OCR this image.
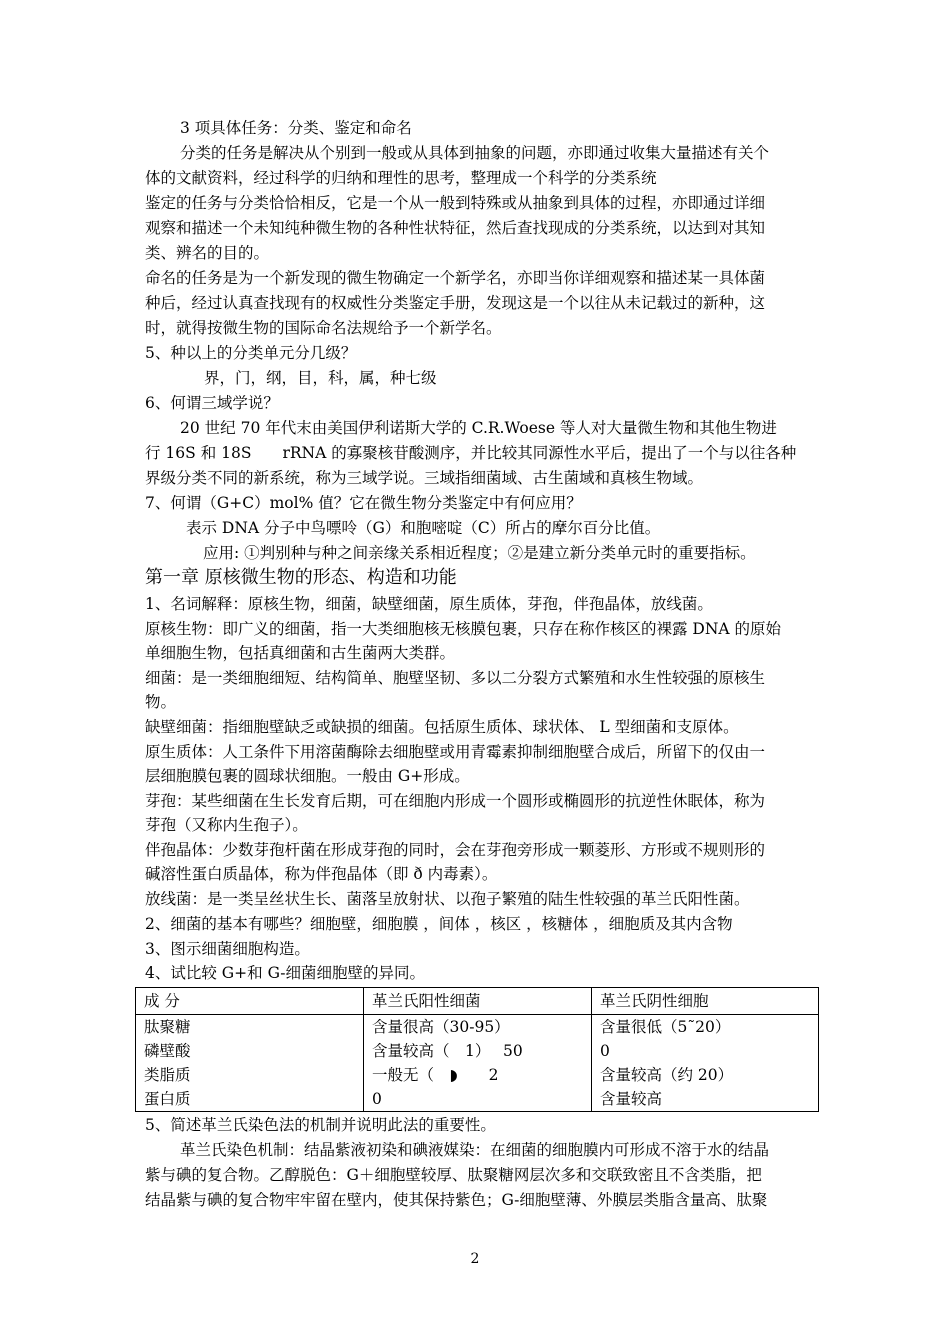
3 项具体任务：分类、鉴定和命名
分类的任务是解决从个别到一般或从具体到抽象的问题，亦即通过收集大量描述有关个
体的文献资料，经过科学的归纳和理性的思考，整理成一个科学的分类系统
鉴定的任务与分类恰恰相反，它是一个从一般到特殊或从抽象到具体的过程，亦即通过详细
观察和描述一个未知纯种微生物的各种性状特征，然后查找现成的分类系统，以达到对其知
类、辨名的目的。
命名的任务是为一个新发现的微生物确定一个新学名，亦即当你详细观察和描述某一具体菌
种后，经过认真查找现有的权威性分类鉴定手册，发现这是一个以往从未记载过的新种，这
时，就得按微生物的国际命名法规给予一个新学名。
5、种以上的分类单元分几级？
界，门，纲，目，科，属，种七级
6、何谓三域学说？
20 世纪 70 年代末由美国伊利诺斯大学的 C.R.Woese 等人对大量微生物和其他生物进
行 16S 和 18S　　rRNA 的寡聚核苷酸测序，并比较其同源性水平后，提出了一个与以往各种
界级分类不同的新系统，称为三域学说。三域指细菌域、古生菌域和真核生物域。
7、何谓（G+C）mol% 值？它在微生物分类鉴定中有何应用？
表示 DNA 分子中鸟嘌呤（G）和胞嘧啶（C）所占的摩尔百分比值。
应用: ①判别种与种之间亲缘关系相近程度；②是建立新分类单元时的重要指标。
第一章 原核微生物的形态、构造和功能
1、名词解释：原核生物，细菌，缺壁细菌，原生质体，芽孢，伴孢晶体，放线菌。
原核生物：即广义的细菌，指一大类细胞核无核膜包裹，只存在称作核区的裸露 DNA 的原始
单细胞生物，包括真细菌和古生菌两大类群。
细菌：是一类细胞细短、结构简单、胞壁坚韧、多以二分裂方式繁殖和水生性较强的原核生
物。
缺壁细菌：指细胞壁缺乏或缺损的细菌。包括原生质体、球状体、 L 型细菌和支原体。
原生质体：人工条件下用溶菌酶除去细胞壁或用青霉素抑制细胞壁合成后，所留下的仅由一
层细胞膜包裹的圆球状细胞。一般由 G+形成。
芽孢：某些细菌在生长发育后期，可在细胞内形成一个圆形或椭圆形的抗逆性休眠体，称为
芽孢（又称内生孢子）。
伴孢晶体：少数芽孢杆菌在形成芽孢的同时，会在芽孢旁形成一颗菱形、方形或不规则形的
碱溶性蛋白质晶体，称为伴孢晶体（即 ð 内毒素）。
放线菌：是一类呈丝状生长、菌落呈放射状、以孢子繁殖的陆生性较强的革兰氏阳性菌。
2、细菌的基本有哪些？细胞壁，细胞膜 ，间体 ，核区 ，核糖体 ，细胞质及其内含物
3、图示细菌细胞构造。
4、试比较 G+和 G-细菌细胞壁的异同。
成 分	革兰氏阳性细菌	革兰氏阴性细胞
肽聚糖	含量很高（30-95）	含量很低（5˜20）
磷壁酸	含量较高（　1）　 50	0
类脂质	一般无（　◗　　2	含量较高（约 20）
蛋白质	0	含量较高
5、简述革兰氏染色法的机制并说明此法的重要性。
革兰氏染色机制：结晶紫液初染和碘液媒染：在细菌的细胞膜内可形成不溶于水的结晶
紫与碘的复合物。乙醇脱色：G＋细胞壁较厚、肽聚糖网层次多和交联致密且不含类脂，把
结晶紫与碘的复合物牢牢留在壁内，使其保持紫色；G-细胞壁薄、外膜层类脂含量高、肽聚
2
